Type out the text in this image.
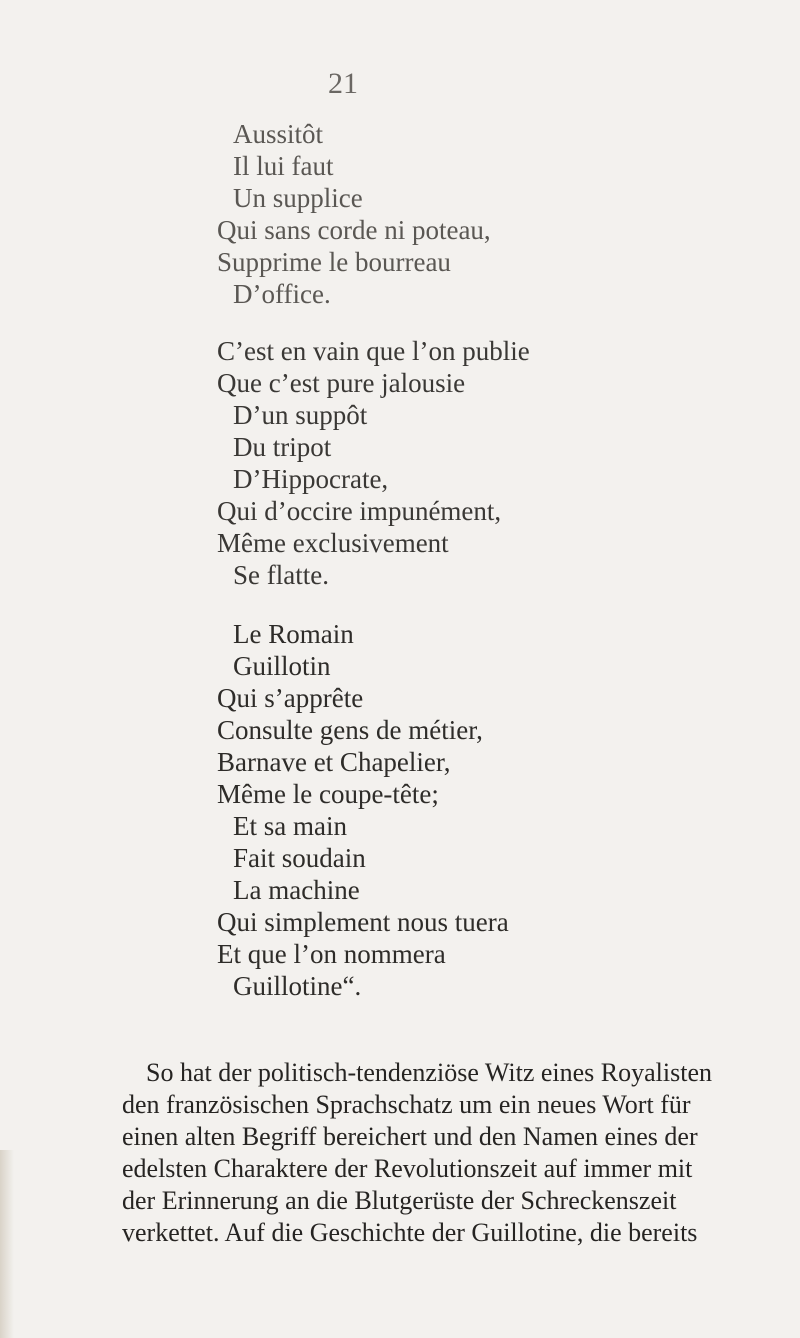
21
Aussitôt
Il lui faut
Un supplice
Qui sans corde ni poteau,
Supprime le bourreau
D’office.
C’est en vain que l’on publie
Que c’est pure jalousie
D’un suppôt
Du tripot
D’Hippocrate,
Qui d’occire impunément,
Même exclusivement
Se flatte.
Le Romain
Guillotin
Qui s’apprête
Consulte gens de métier,
Barnave et Chapelier,
Même le coupe-tête;
Et sa main
Fait soudain
La machine
Qui simplement nous tuera
Et que l’on nommera
Guillotine“.
So hat der politisch-tendenziöse Witz eines Royalisten
den französischen Sprachschatz um ein neues Wort für
einen alten Begriff bereichert und den Namen eines der
edelsten Charaktere der Revolutionszeit auf immer mit
der Erinnerung an die Blutgerüste der Schreckenszeit
verkettet. Auf die Geschichte der Guillotine, die bereits
